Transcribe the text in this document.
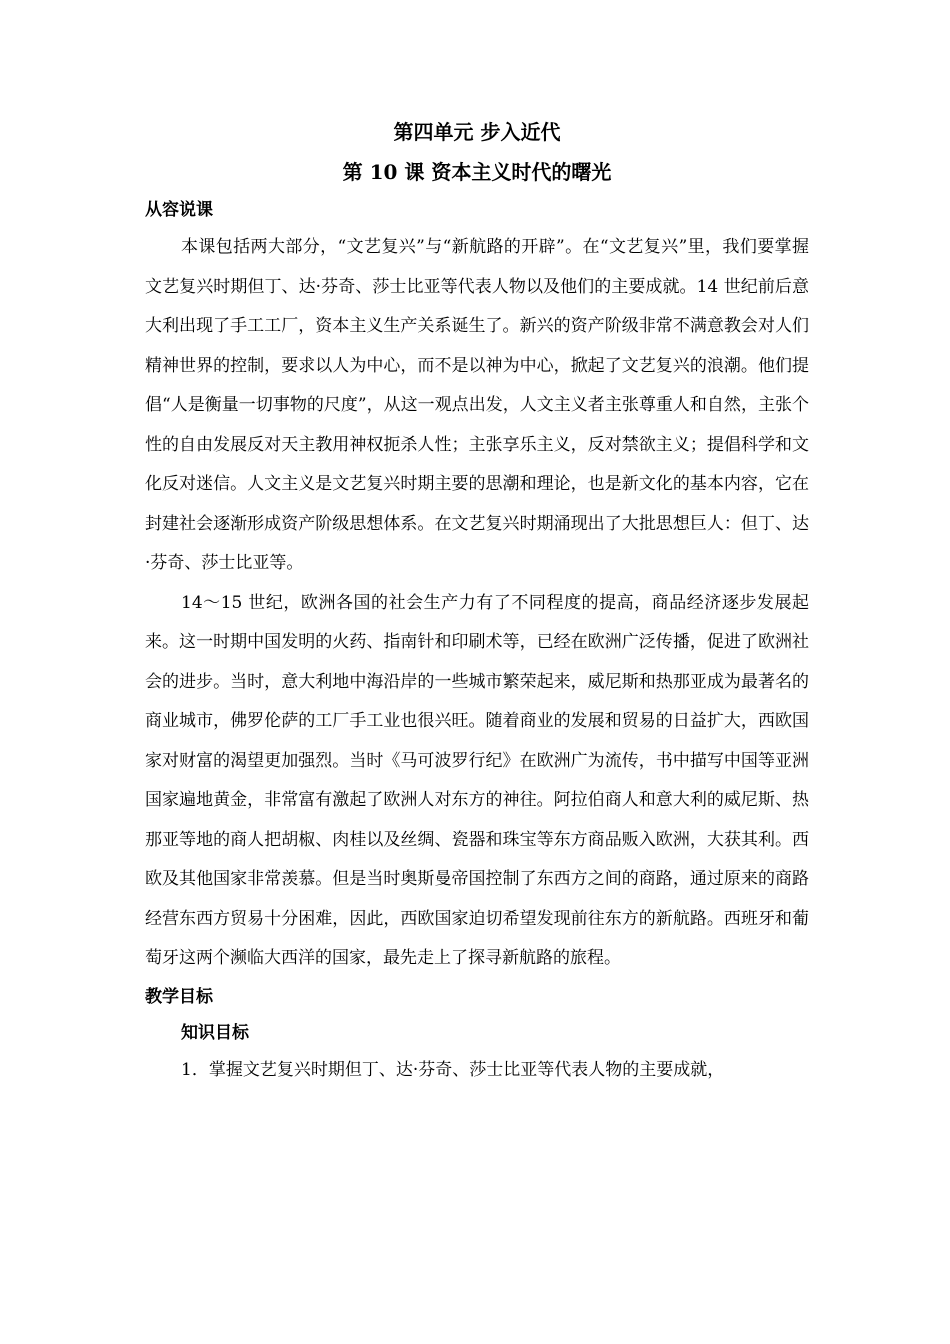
第四单元 步入近代
第 10 课 资本主义时代的曙光
从容说课

本课包括两大部分，“文艺复兴”与“新航路的开辟”。在“文艺复兴”里，我们要掌握文艺复兴时期但丁、达·芬奇、莎士比亚等代表人物以及他们的主要成就。14 世纪前后意大利出现了手工工厂，资本主义生产关系诞生了。新兴的资产阶级非常不满意教会对人们精神世界的控制，要求以人为中心，而不是以神为中心，掀起了文艺复兴的浪潮。他们提倡“人是衡量一切事物的尺度”，从这一观点出发，人文主义者主张尊重人和自然，主张个性的自由发展反对天主教用神权扼杀人性；主张享乐主义，反对禁欲主义；提倡科学和文化反对迷信。人文主义是文艺复兴时期主要的思潮和理论，也是新文化的基本内容，它在封建社会逐渐形成资产阶级思想体系。在文艺复兴时期涌现出了大批思想巨人：但丁、达·芬奇、莎士比亚等。

14～15 世纪，欧洲各国的社会生产力有了不同程度的提高，商品经济逐步发展起来。这一时期中国发明的火药、指南针和印刷术等，已经在欧洲广泛传播，促进了欧洲社会的进步。当时，意大利地中海沿岸的一些城市繁荣起来，威尼斯和热那亚成为最著名的商业城市，佛罗伦萨的工厂手工业也很兴旺。随着商业的发展和贸易的日益扩大，西欧国家对财富的渴望更加强烈。当时《马可波罗行纪》在欧洲广为流传，书中描写中国等亚洲国家遍地黄金，非常富有激起了欧洲人对东方的神往。阿拉伯商人和意大利的威尼斯、热那亚等地的商人把胡椒、肉桂以及丝绸、瓷器和珠宝等东方商品贩入欧洲，大获其利。西欧及其他国家非常羡慕。但是当时奥斯曼帝国控制了东西方之间的商路，通过原来的商路经营东西方贸易十分困难，因此，西欧国家迫切希望发现前往东方的新航路。西班牙和葡萄牙这两个濒临大西洋的国家，最先走上了探寻新航路的旅程。

教学目标
知识目标

1．掌握文艺复兴时期但丁、达·芬奇、莎士比亚等代表人物的主要成就，
